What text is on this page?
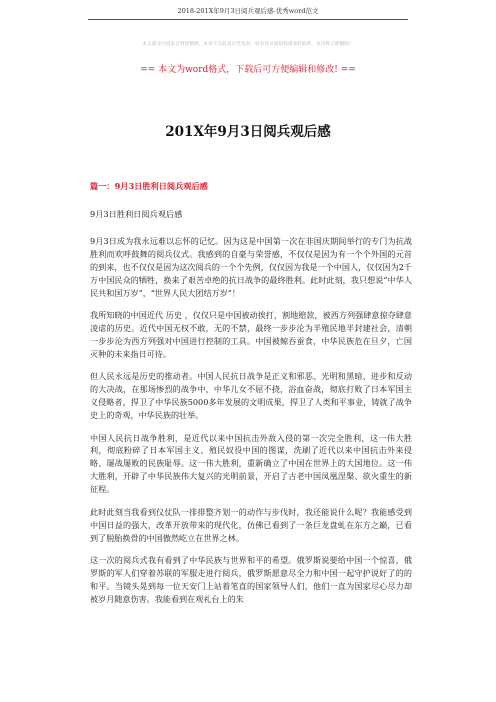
2018-201X年9月3日阅兵观后感-优秀word范文
本文部分内容来自网络整理，本司不为其真实性负责，如有异议或侵权请及时联系，本司将立即删除！
== 本文为word格式，下载后可方便编辑和修改! ==
201X年9月3日阅兵观后感
篇一：9月3日胜利日阅兵观后感
9月3日胜利日阅兵观后感

9月3日成为我永远难以忘怀的记忆。因为这是中国第一次在非国庆期间举行的专门为抗战胜利而欢呼鼓舞的阅兵仪式。我感到的自豪与荣誉感，不仅仅是因为有一个个外国的元首的到来，也不仅仅是因为这次阅兵的一个个先例，仅仅因为我是一个中国人，仅仅因为2千万中国民众的牺牲，换来了艰苦卓绝的抗日战争的最终胜利。此时此刻，我只想说“中华人民共和国万岁”，“世界人民大团结万岁”！

我所知晓的中国近代 历史 ，仅仅只是中国被动挨打，割地赔款，被西方列强肆意掠夺肆意凌虐的历史。近代中国无权不敢，无的不禁，最终一步步沦为半殖民地半封建社会，清朝一步步沦为西方列强对中国进行控制的工具。中国被鲸吞蚕食，中华民族危在旦夕，亡国灭种的未来指日可待。

但人民永远是历史的推动者。中国人民抗日战争是正义和邪恶、光明和黑暗、进步和反动的大决战，在那场惨烈的战争中，中华儿女不屈不挠，浴血奋战，彻底打败了日本军国主义侵略者，捍卫了中华民族5000多年发展的文明成果，捍卫了人类和平事业，铸就了战争史上的奇观，中华民族的壮举。

中国人民抗日战争胜利，是近代以来中国抗击外敌入侵的第一次完全胜利，这一伟大胜利，彻底粉碎了日本军国主义、殖民奴役中国的图谋，洗刷了近代以来中国抗击外来侵略、屡战屡败的民族耻辱。这一伟大胜利，重新确立了中国在世界上的大国地位。这一伟大胜利，开辟了中华民族伟大复兴的光明前景，开启了古老中国凤凰涅槃、欲火重生的新征程。

此时此刻当我看到仪仗队一排排整齐划一的动作与步伐时，我还能说什么呢？我能感受到中国日益的强大，改革开放带来的现代化，仿佛已看到了一条巨龙盘虬在东方之巅，已看到了脱胎换骨的中国傲然屹立在世界之林。

这一次的阅兵式我有看到了中华民族与世界和平的希望。俄罗斯说要给中国一个惊喜，俄罗斯的军人们穿着苏联的军服走进行阅兵，俄罗斯愿意尽全力和中国一起守护说好了的的和平。当镜头晃到每一位天安门上站着笔直的国家领导人们，他们一直为国家尽心尽力却被岁月随意伤害。我能看到在观礼台上的朱
